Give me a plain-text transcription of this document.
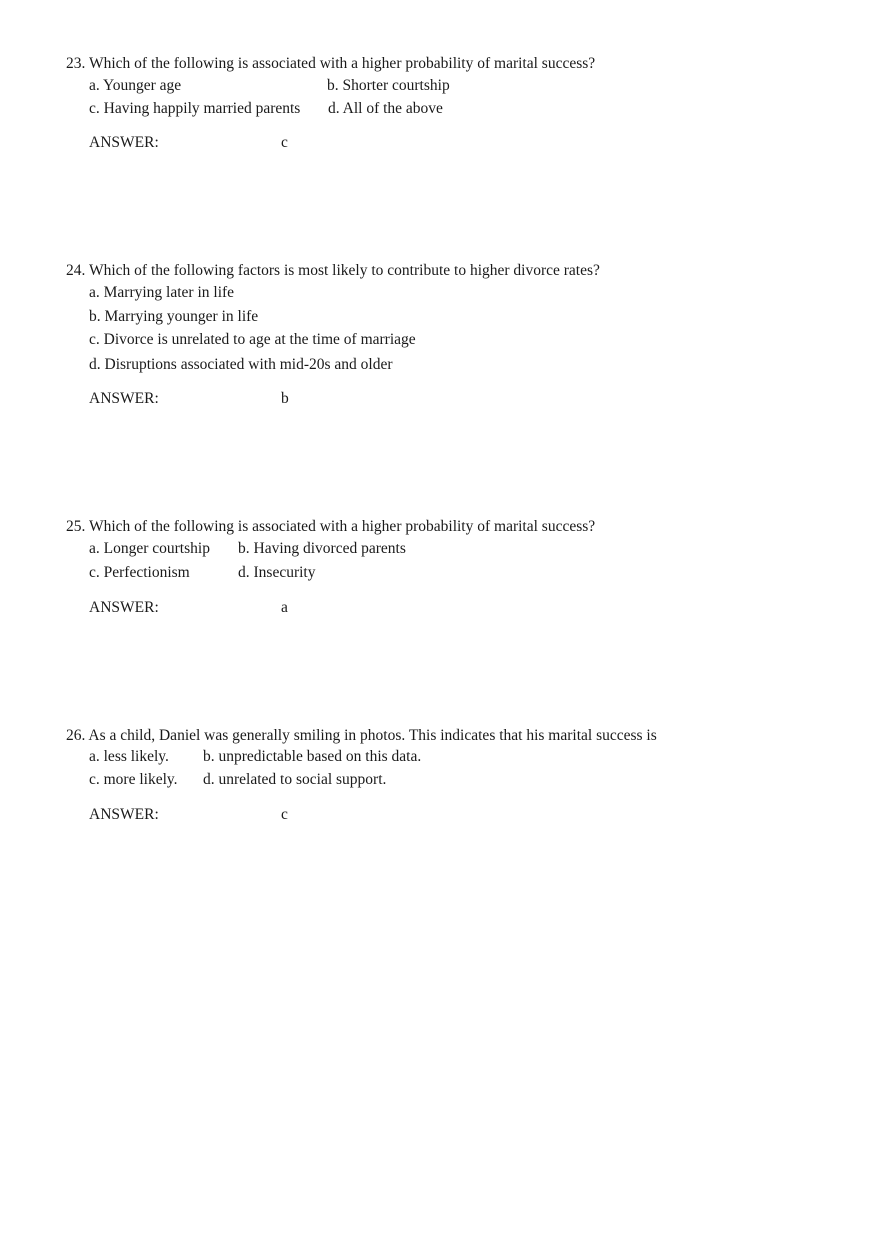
23. Which of the following is associated with a higher probability of marital success?
a. Younger age	b. Shorter courtship
c. Having happily married parents d. All of the above
ANSWER:	c
24. Which of the following factors is most likely to contribute to higher divorce rates?
a. Marrying later in life
b. Marrying younger in life
c. Divorce is unrelated to age at the time of marriage
d. Disruptions associated with mid-20s and older
ANSWER:	b
25. Which of the following is associated with a higher probability of marital success?
a. Longer courtship b. Having divorced parents
c. Perfectionism	d. Insecurity
ANSWER:	a
26. As a child, Daniel was generally smiling in photos. This indicates that his marital success is
a. less likely. b. unpredictable based on this data.
c. more likely. d. unrelated to social support.
ANSWER:	c
